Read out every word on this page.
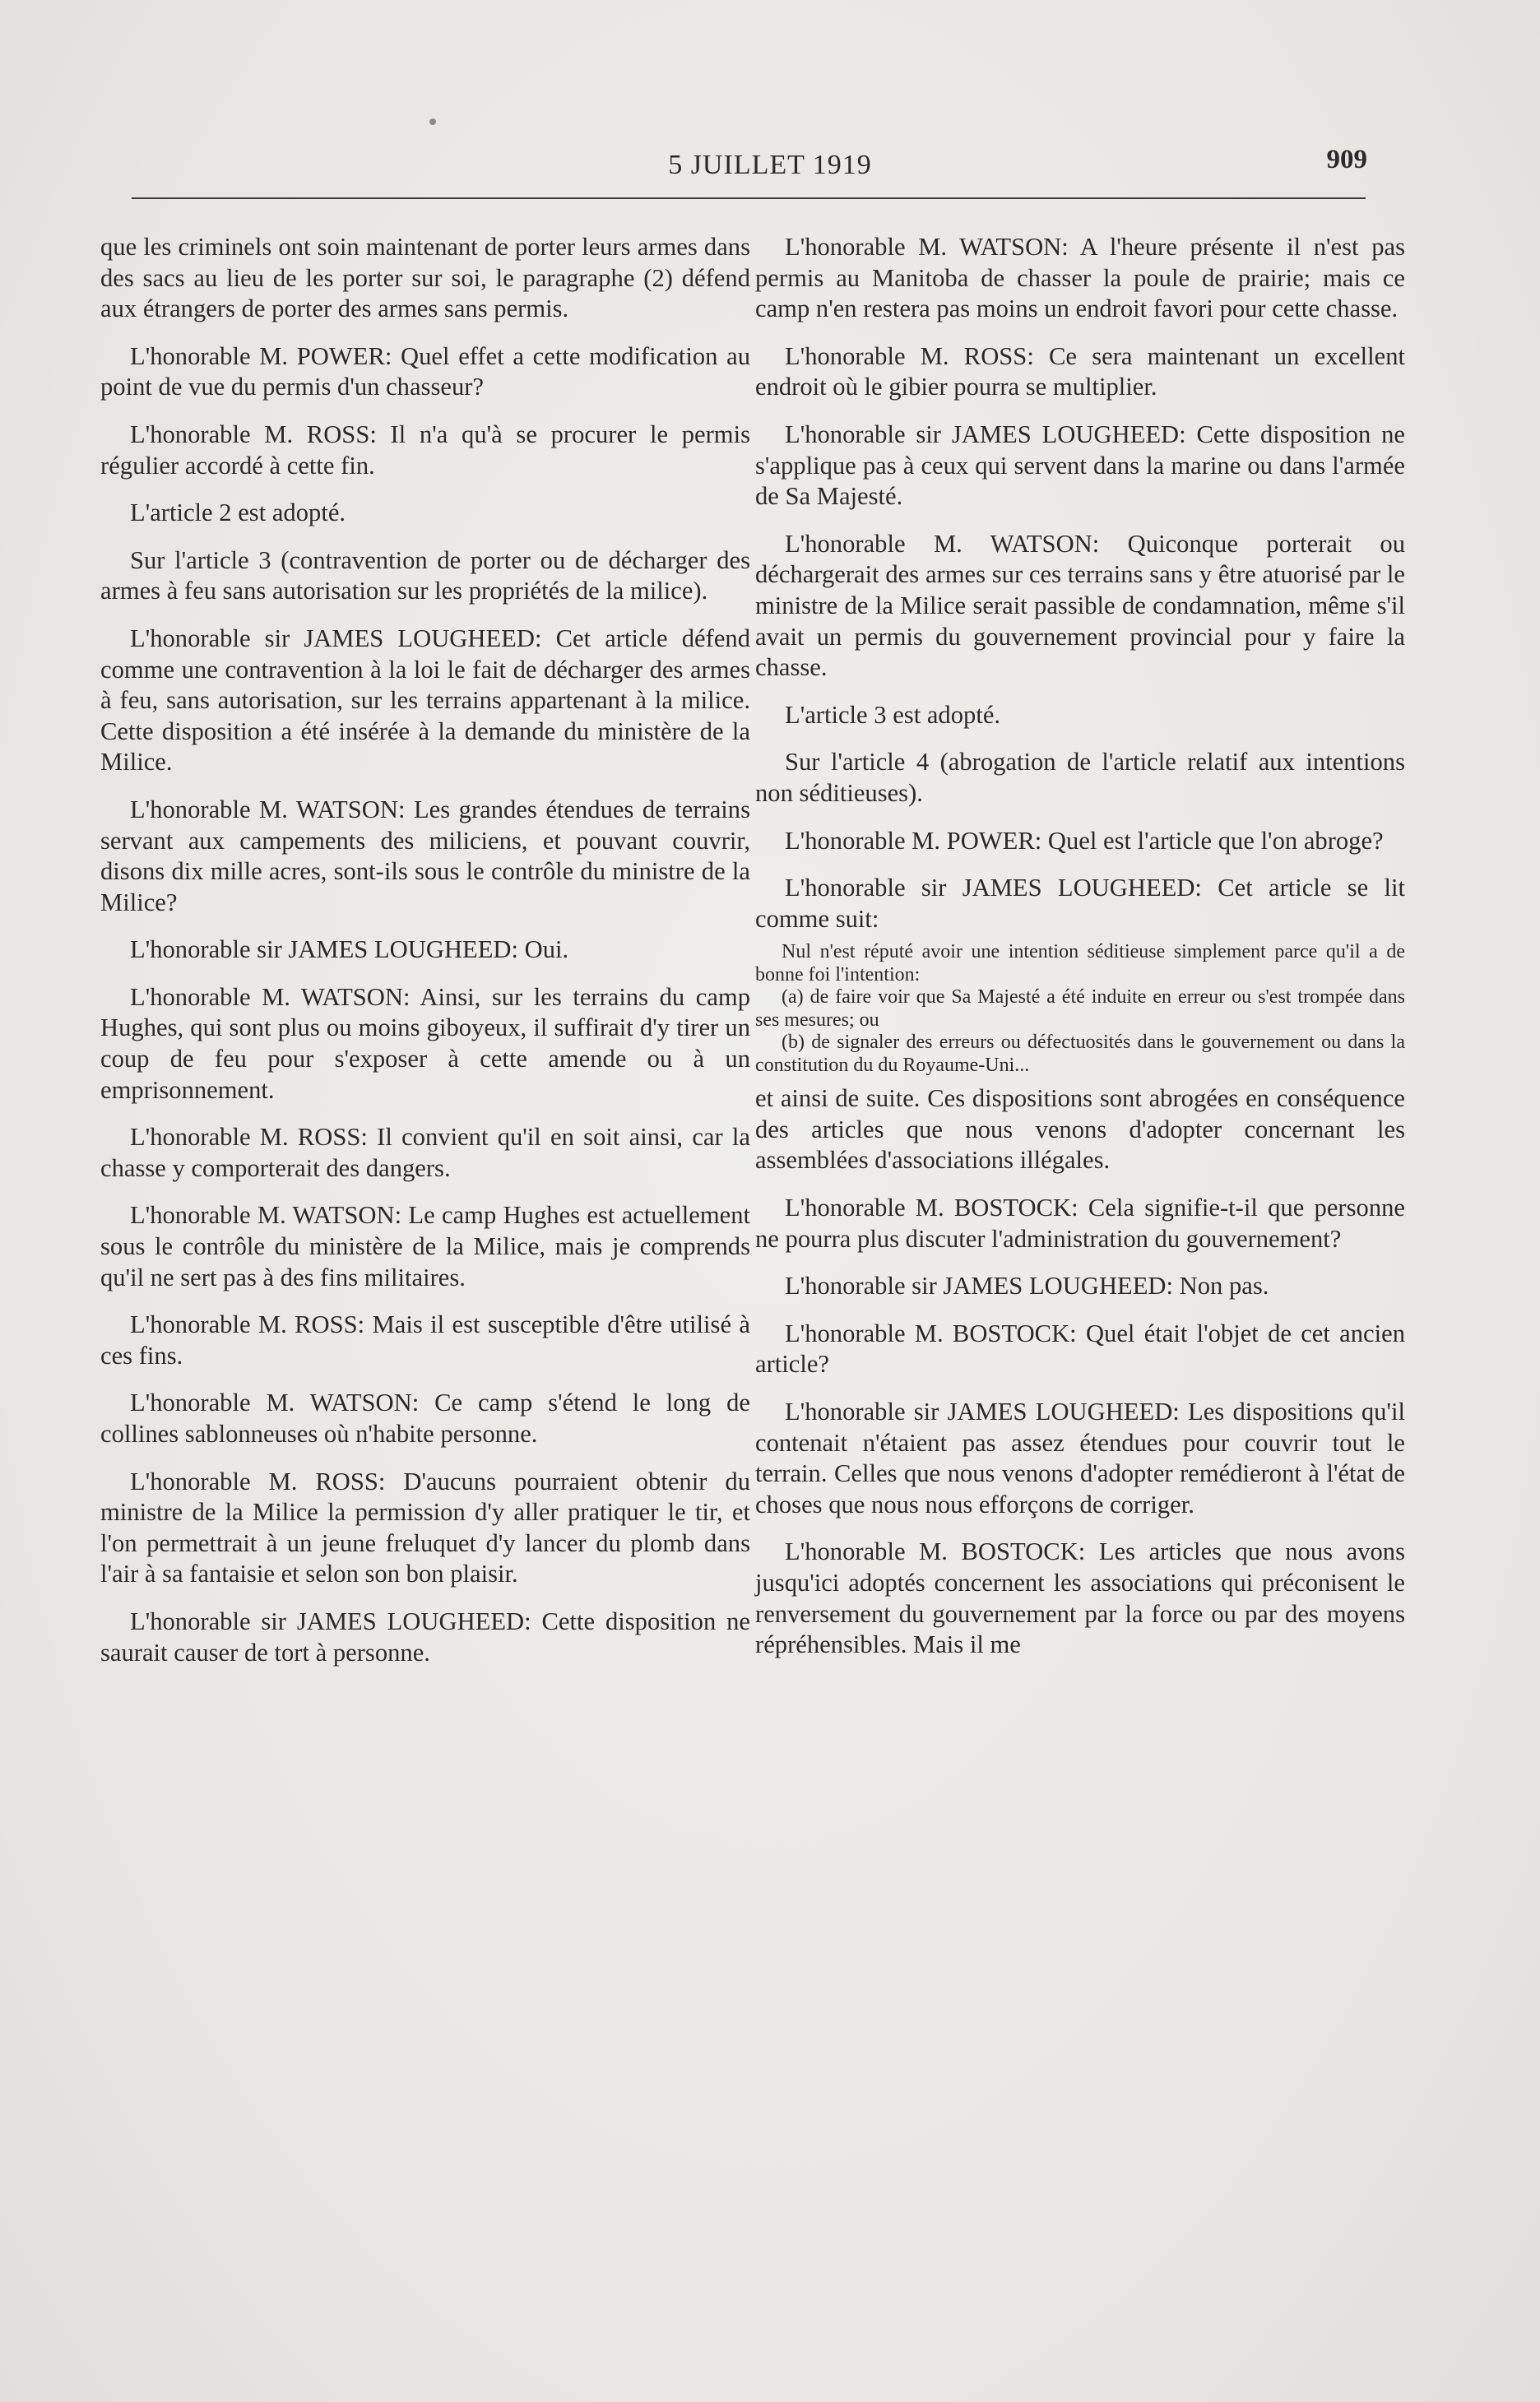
5 JUILLET 1919	909

que les criminels ont soin maintenant de porter leurs armes dans des sacs au lieu de les porter sur soi, le paragraphe (2) défend aux étrangers de porter des armes sans permis.

L'honorable M. POWER: Quel effet a cette modification au point de vue du permis d'un chasseur?

L'honorable M. ROSS: Il n'a qu'à se procurer le permis régulier accordé à cette fin.

L'article 2 est adopté.

Sur l'article 3 (contravention de porter ou de décharger des armes à feu sans autorisation sur les propriétés de la milice).

L'honorable sir JAMES LOUGHEED: Cet article défend comme une contravention à la loi le fait de décharger des armes à feu, sans autorisation, sur les terrains appartenant à la milice. Cette disposition a été insérée à la demande du ministère de la Milice.

L'honorable M. WATSON: Les grandes étendues de terrains servant aux campements des miliciens, et pouvant couvrir, disons dix mille acres, sont-ils sous le contrôle du ministre de la Milice?

L'honorable sir JAMES LOUGHEED: Oui.

L'honorable M. WATSON: Ainsi, sur les terrains du camp Hughes, qui sont plus ou moins giboyeux, il suffirait d'y tirer un coup de feu pour s'exposer à cette amende ou à un emprisonnement.

L'honorable M. ROSS: Il convient qu'il en soit ainsi, car la chasse y comporterait des dangers.

L'honorable M. WATSON: Le camp Hughes est actuellement sous le contrôle du ministère de la Milice, mais je comprends qu'il ne sert pas à des fins militaires.

L'honorable M. ROSS: Mais il est susceptible d'être utilisé à ces fins.

L'honorable M. WATSON: Ce camp s'étend le long de collines sablonneuses où n'habite personne.

L'honorable M. ROSS: D'aucuns pourraient obtenir du ministre de la Milice la permission d'y aller pratiquer le tir, et l'on permettrait à un jeune freluquet d'y lancer du plomb dans l'air à sa fantaisie et selon son bon plaisir.

L'honorable sir JAMES LOUGHEED: Cette disposition ne saurait causer de tort à personne.

L'honorable M. WATSON: A l'heure présente il n'est pas permis au Manitoba de chasser la poule de prairie; mais ce camp n'en restera pas moins un endroit favori pour cette chasse.

L'honorable M. ROSS: Ce sera maintenant un excellent endroit où le gibier pourra se multiplier.

L'honorable sir JAMES LOUGHEED: Cette disposition ne s'applique pas à ceux qui servent dans la marine ou dans l'armée de Sa Majesté.

L'honorable M. WATSON: Quiconque porterait ou déchargerait des armes sur ces terrains sans y être atuorisé par le ministre de la Milice serait passible de condamnation, même s'il avait un permis du gouvernement provincial pour y faire la chasse.

L'article 3 est adopté.

Sur l'article 4 (abrogation de l'article relatif aux intentions non séditieuses).

L'honorable M. POWER: Quel est l'article que l'on abroge?

L'honorable sir JAMES LOUGHEED: Cet article se lit comme suit:

Nul n'est réputé avoir une intention séditieuse simplement parce qu'il a de bonne foi l'intention:

(a) de faire voir que Sa Majesté a été induite en erreur ou s'est trompée dans ses mesures; ou

(b) de signaler des erreurs ou défectuosités dans le gouvernement ou dans la constitution du du Royaume-Uni...

et ainsi de suite. Ces dispositions sont abrogées en conséquence des articles que nous venons d'adopter concernant les assemblées d'associations illégales.

L'honorable M. BOSTOCK: Cela signifie-t-il que personne ne pourra plus discuter l'administration du gouvernement?

L'honorable sir JAMES LOUGHEED: Non pas.

L'honorable M. BOSTOCK: Quel était l'objet de cet ancien article?

L'honorable sir JAMES LOUGHEED: Les dispositions qu'il contenait n'étaient pas assez étendues pour couvrir tout le terrain. Celles que nous venons d'adopter remédieront à l'état de choses que nous nous efforçons de corriger.

L'honorable M. BOSTOCK: Les articles que nous avons jusqu'ici adoptés concernent les associations qui préconisent le renversement du gouvernement par la force ou par des moyens répréhensibles. Mais il me
